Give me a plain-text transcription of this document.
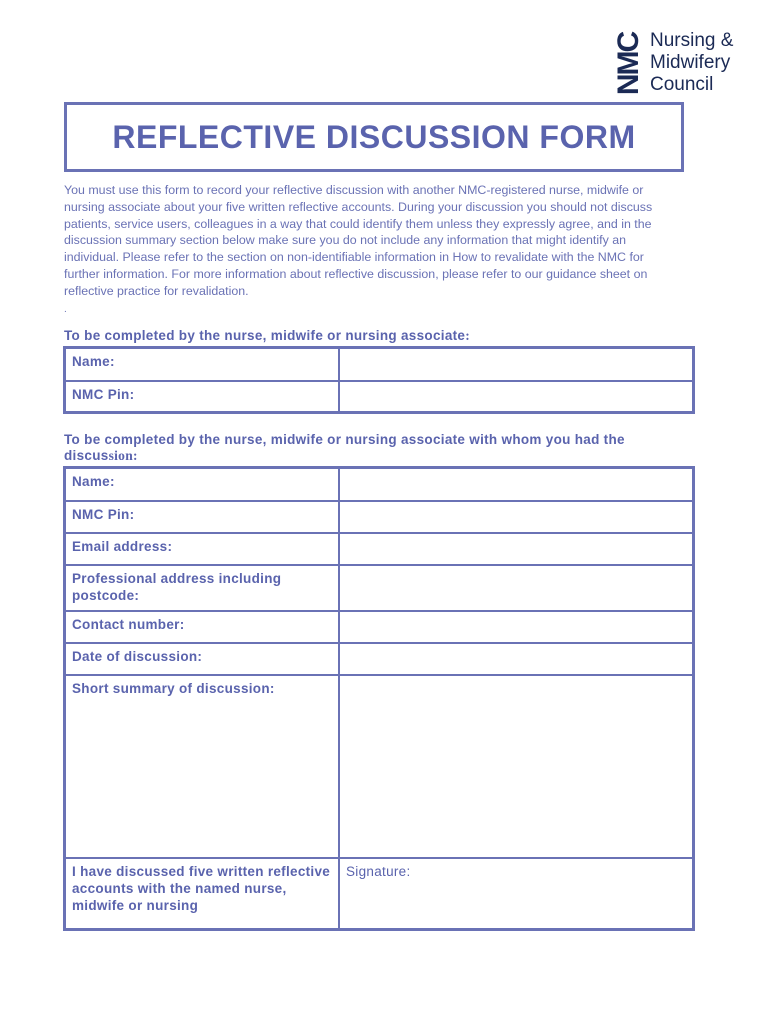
NMC Nursing &
Midwifery
Council
REFLECTIVE DISCUSSION FORM
You must use this form to record your reflective discussion with another NMC-registered nurse, midwife or nursing associate about your five written reflective accounts. During your discussion you should not discuss patients, service users, colleagues in a way that could identify them unless they expressly agree, and in the discussion summary section below make sure you do not include any information that might identify an individual. Please refer to the section on non-identifiable information in How to revalidate with the NMC for further information. For more information about reflective discussion, please refer to our guidance sheet on reflective practice for revalidation.
.
To be completed by the nurse, midwife or nursing associate:
Name:	
NMC Pin:	
To be completed by the nurse, midwife or nursing associate with whom you had the discussion:
Name:	
NMC Pin:	
Email address:	
Professional address including postcode:	
Contact number:	
Date of discussion:	
Short summary of discussion:	
I have discussed five written reflective accounts with the named nurse, midwife or nursing	Signature:
